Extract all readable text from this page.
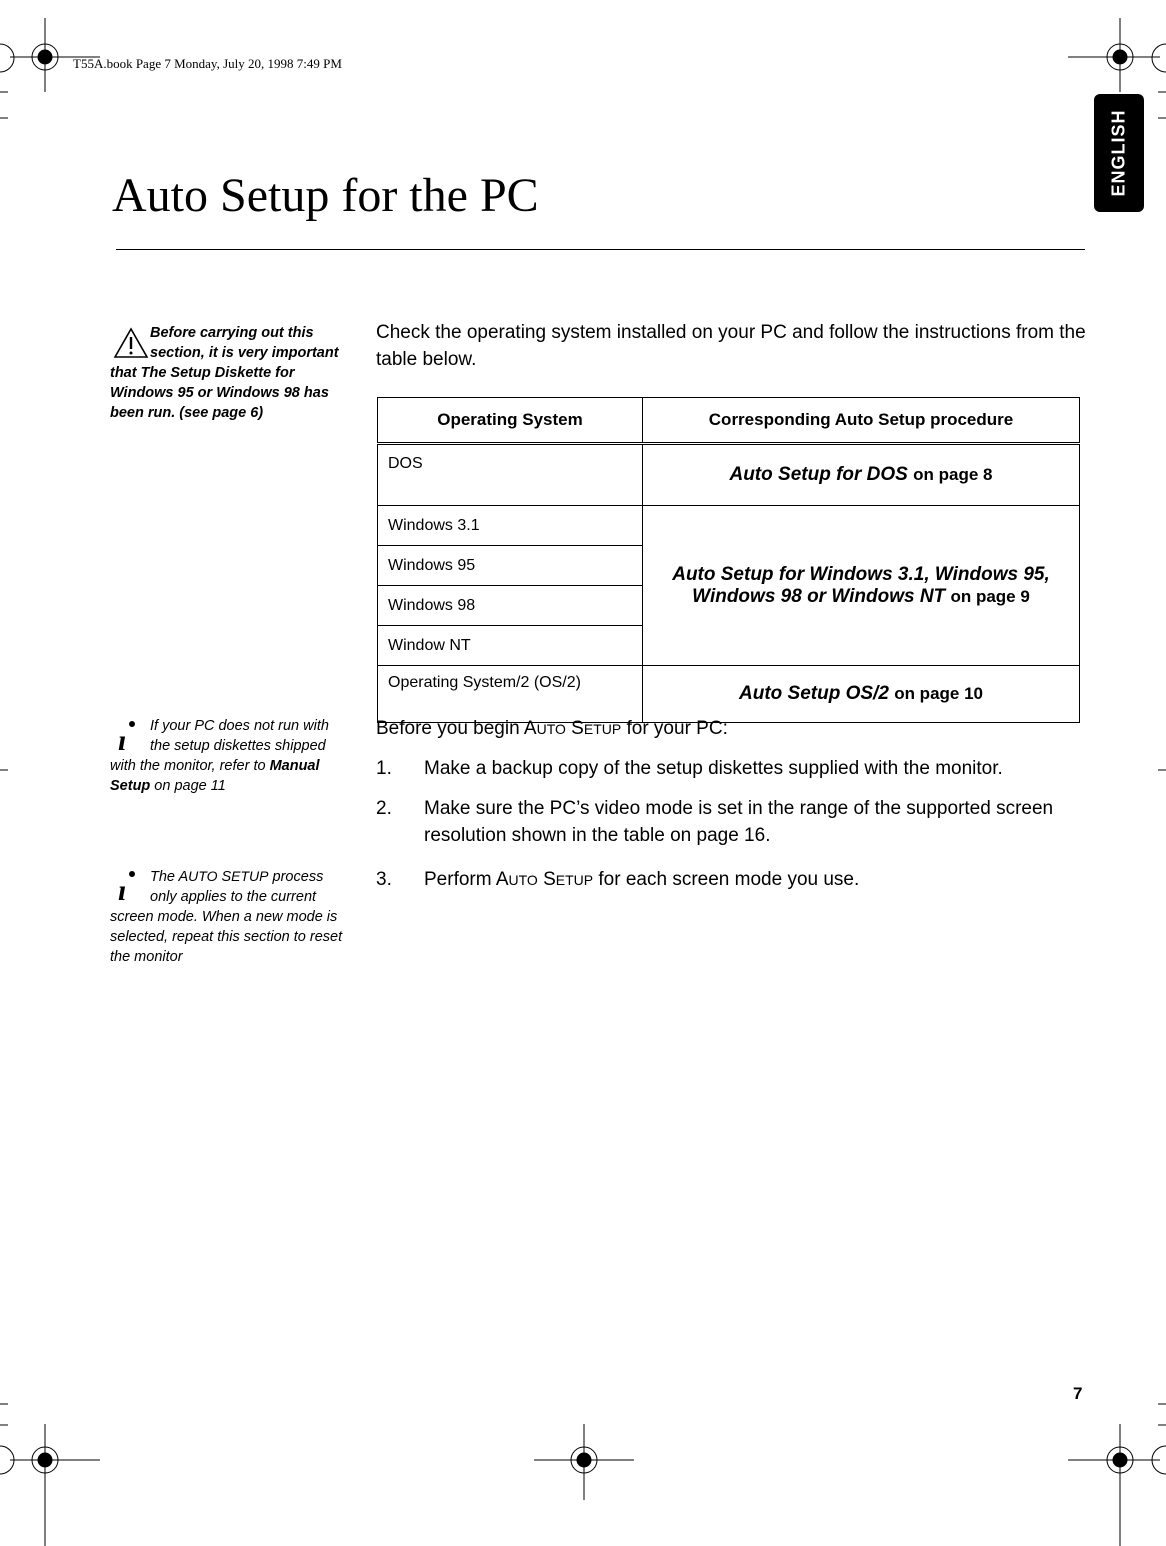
T55A.book Page 7 Monday, July 20, 1998 7:49 PM
ENGLISH
Auto Setup for the PC
Before carrying out this section, it is very important that The Setup Diskette for Windows 95 or Windows 98 has been run. (see page 6)
Check the operating system installed on your PC and follow the instructions from the table below.
Operating System	Corresponding Auto Setup procedure
DOS	Auto Setup for DOS on page 8
Windows 3.1	Auto Setup for Windows 3.1, Windows 95,
Windows 98 or Windows NT on page 9
Windows 95	
Windows 98	
Window NT	
Operating System/2 (OS/2)	Auto Setup OS/2 on page 10
ı If your PC does not run with the setup diskettes shipped with the monitor, refer to Manual Setup on page 11
ı The AUTO SETUP process only applies to the current screen mode. When a new mode is selected, repeat this section to reset the monitor
Before you begin AUTO SETUP for your PC:
1.	Make a backup copy of the setup diskettes supplied with the monitor.
2.	Make sure the PC’s video mode is set in the range of the supported screen resolution shown in the table on page 16.
3.	Perform AUTO SETUP for each screen mode you use.
7
